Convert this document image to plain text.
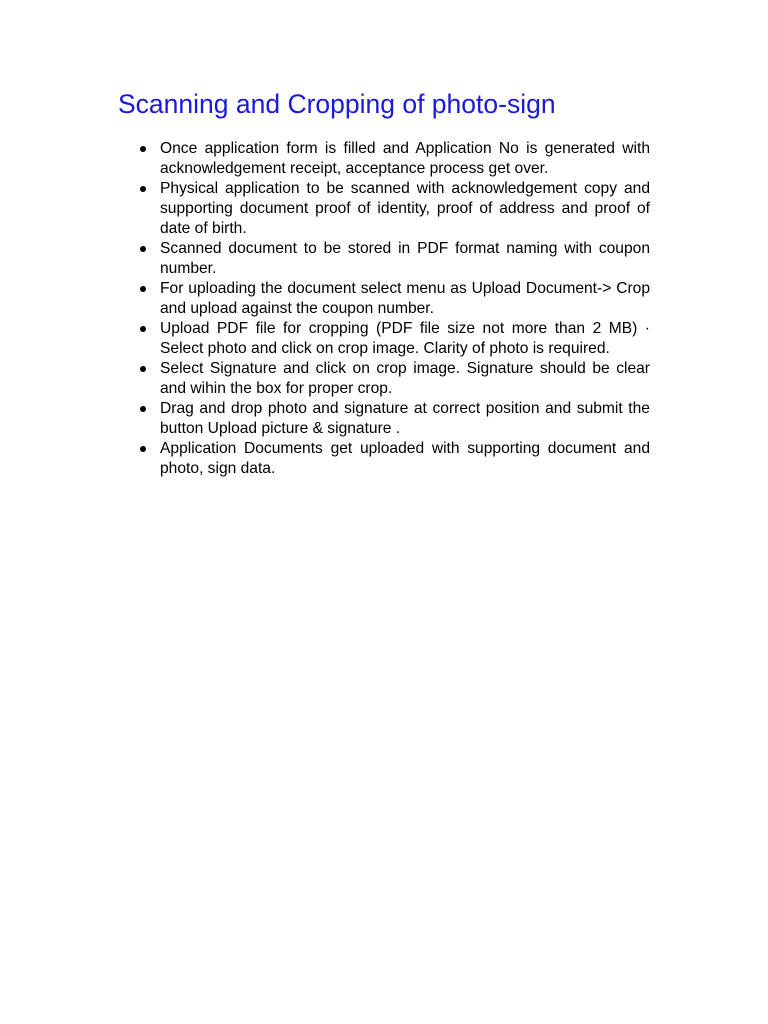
Scanning and Cropping of photo-sign
Once application form is filled and Application No is generated with acknowledgement receipt, acceptance process get over.
Physical application to be scanned with acknowledgement copy and supporting document proof of identity, proof of address and proof of date of birth.
Scanned document to be stored in PDF format naming with coupon number.
For uploading the document select menu as Upload Document-> Crop and upload against the coupon number.
Upload PDF file for cropping (PDF file size not more than 2 MB) · Select photo and click on crop image. Clarity of photo is required.
Select Signature and click on crop image. Signature should be clear and wihin the box for proper crop.
Drag and drop photo and signature at correct position and submit the button Upload picture & signature .
Application Documents get uploaded with supporting document and photo, sign data.
